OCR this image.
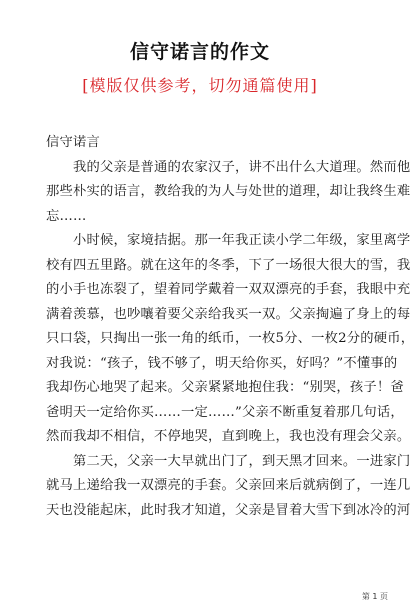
信守诺言的作文
[模版仅供参考，切勿通篇使用]
信守诺言
　　我的父亲是普通的农家汉子，讲不出什么大道理。然而他
那些朴实的语言，教给我的为人与处世的道理，却让我终生难
忘……
　　小时候，家境拮据。那一年我正读小学二年级，家里离学
校有四五里路。就在这年的冬季，下了一场很大很大的雪，我
的小手也冻裂了，望着同学戴着一双双漂亮的手套，我眼中充
满着羡慕，也吵嚷着要父亲给我买一双。父亲掏遍了身上的每
只口袋，只掏出一张一角的纸币，一枚5分、一枚2分的硬币，
对我说：“孩子，钱不够了，明天给你买，好吗？”不懂事的
我却伤心地哭了起来。父亲紧紧地抱住我：“别哭，孩子！爸
爸明天一定给你买……一定……”父亲不断重复着那几句话，
然而我却不相信，不停地哭，直到晚上，我也没有理会父亲。
　　第二天，父亲一大早就出门了，到天黑才回来。一进家门
就马上递给我一双漂亮的手套。父亲回来后就病倒了，一连几
天也没能起床，此时我才知道，父亲是冒着大雪下到冰冷的河
第 1 页
